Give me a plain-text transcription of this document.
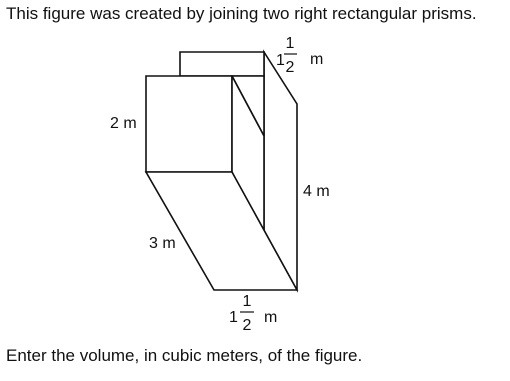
This figure was created by joining two right rectangular prisms.
2 m
4 m
3 m
1
1
2 m
1
1
2 m
Enter the volume, in cubic meters, of the figure.
